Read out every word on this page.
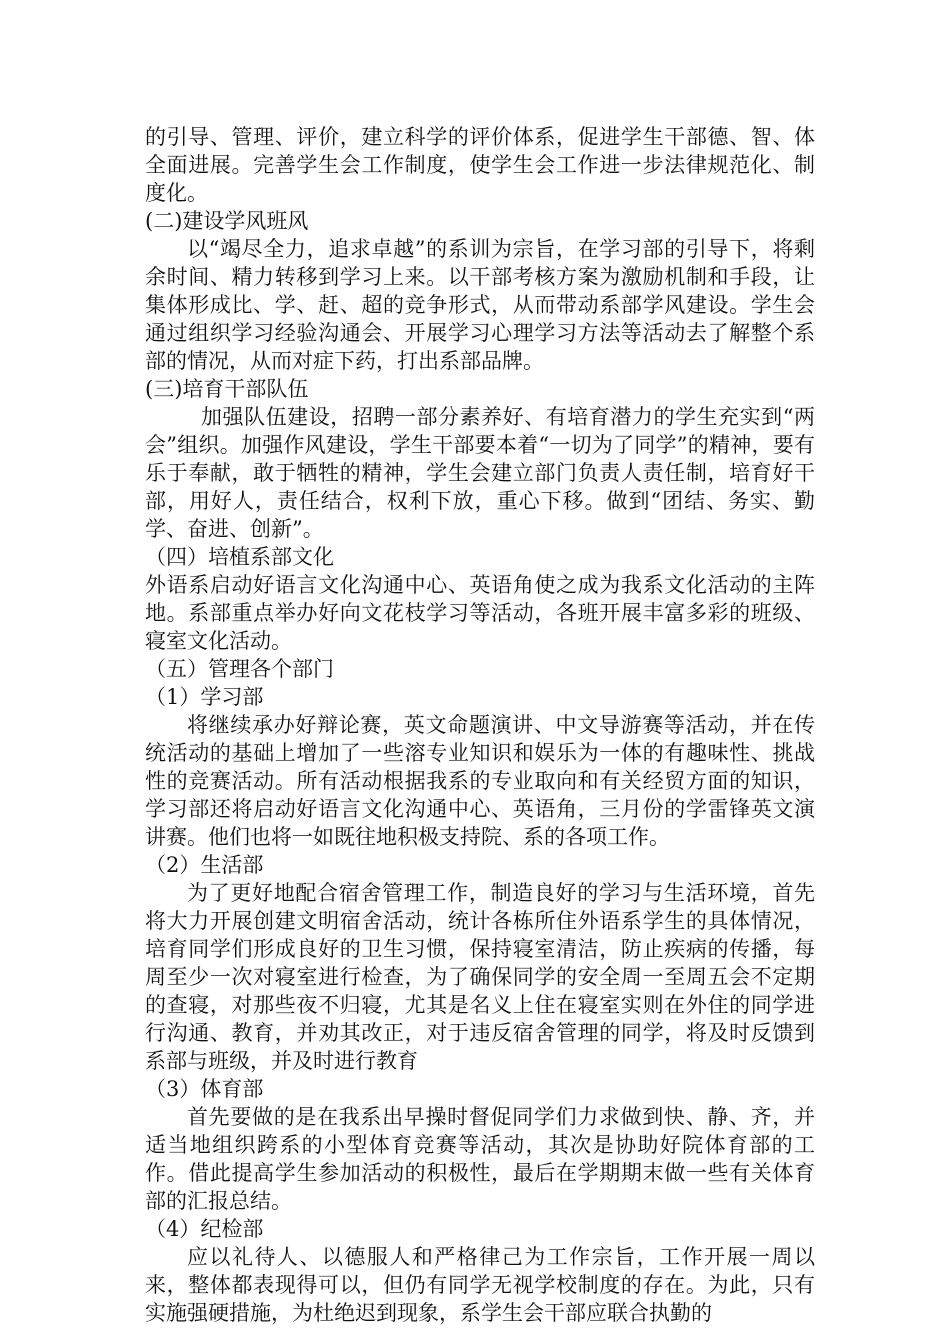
的引导、管理、评价，建立科学的评价体系，促进学生干部德、智、体全面进展。完善学生会工作制度，使学生会工作进一步法律规范化、制度化。

(二)建设学风班风

以“竭尽全力，追求卓越”的系训为宗旨，在学习部的引导下，将剩余时间、精力转移到学习上来。以干部考核方案为激励机制和手段，让集体形成比、学、赶、超的竞争形式，从而带动系部学风建设。学生会通过组织学习经验沟通会、开展学习心理学习方法等活动去了解整个系部的情况，从而对症下药，打出系部品牌。

(三)培育干部队伍

加强队伍建设，招聘一部分素养好、有培育潜力的学生充实到“两会”组织。加强作风建设，学生干部要本着“一切为了同学”的精神，要有乐于奉献，敢于牺牲的精神，学生会建立部门负责人责任制，培育好干部，用好人，责任结合，权利下放，重心下移。做到“团结、务实、勤学、奋进、创新”。

（四）培植系部文化

外语系启动好语言文化沟通中心、英语角使之成为我系文化活动的主阵地。系部重点举办好向文花枝学习等活动，各班开展丰富多彩的班级、寝室文化活动。

（五）管理各个部门

（1）学习部

将继续承办好辩论赛，英文命题演讲、中文导游赛等活动，并在传统活动的基础上增加了一些溶专业知识和娱乐为一体的有趣味性、挑战性的竞赛活动。所有活动根据我系的专业取向和有关经贸方面的知识，学习部还将启动好语言文化沟通中心、英语角，三月份的学雷锋英文演讲赛。他们也将一如既往地积极支持院、系的各项工作。

（2）生活部

为了更好地配合宿舍管理工作，制造良好的学习与生活环境，首先将大力开展创建文明宿舍活动，统计各栋所住外语系学生的具体情况，培育同学们形成良好的卫生习惯，保持寝室清洁，防止疾病的传播，每周至少一次对寝室进行检查，为了确保同学的安全周一至周五会不定期的查寝，对那些夜不归寝，尤其是名义上住在寝室实则在外住的同学进行沟通、教育，并劝其改正，对于违反宿舍管理的同学，将及时反馈到系部与班级，并及时进行教育

（3）体育部

首先要做的是在我系出早操时督促同学们力求做到快、静、齐，并适当地组织跨系的小型体育竞赛等活动，其次是协助好院体育部的工作。借此提高学生参加活动的积极性，最后在学期期末做一些有关体育部的汇报总结。

（4）纪检部

应以礼待人、以德服人和严格律己为工作宗旨，工作开展一周以来，整体都表现得可以，但仍有同学无视学校制度的存在。为此，只有实施强硬措施，为杜绝迟到现象，系学生会干部应联合执勤的
